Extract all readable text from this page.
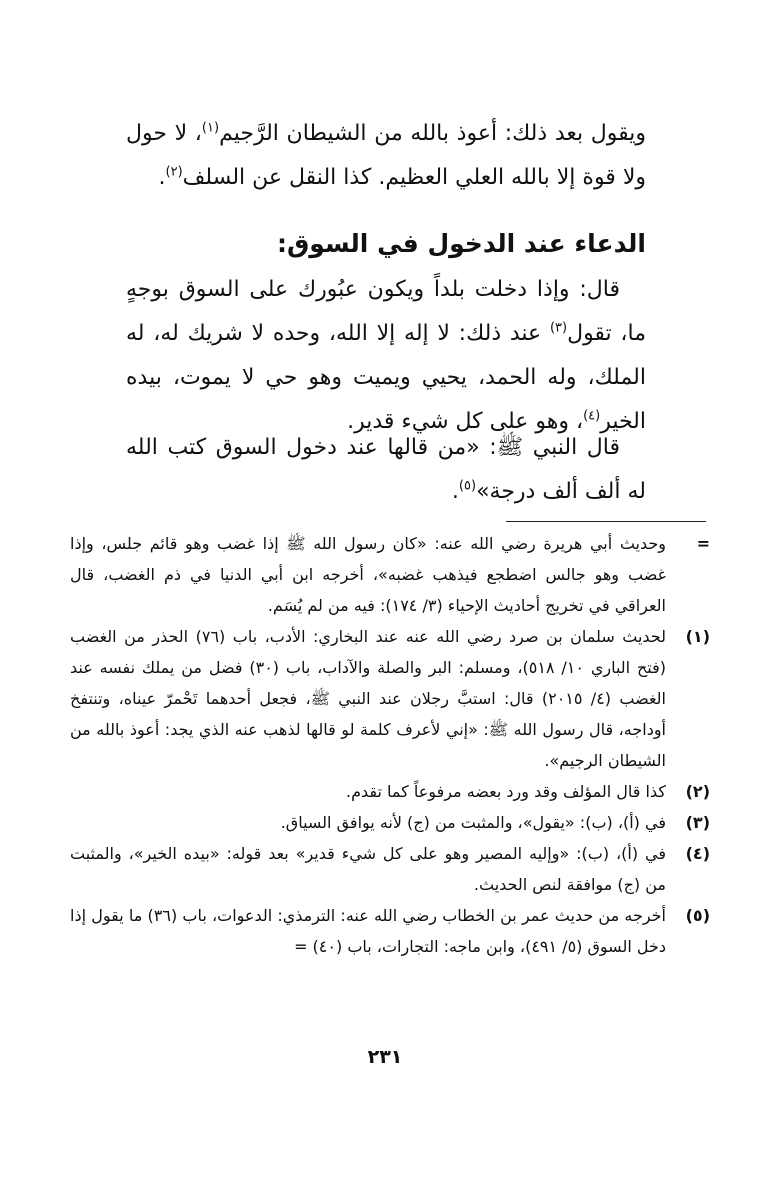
ويقول بعد ذلك: أعوذ بالله من الشيطان الرَّجيم$^{(١)}$، لا حول ولا قوة إلا بالله العلي العظيم. كذا النقل عن السلف$^{(٢)}$.
الدعاء عند الدخول في السوق:
قال: وإذا دخلت بلداً ويكون عبُورك على السوق بوجهٍ ما، تقول$^{(٣)}$ عند ذلك: لا إله إلا الله، وحده لا شريك له، له الملك، وله الحمد، يحيي ويميت وهو حي لا يموت، بيده الخير$^{(٤)}$، وهو على كل شيء قدير.
قال النبي ﷺ: «من قالها عند دخول السوق كتب الله له ألف ألف درجة»$^{(٥)}$.
=
وحديث أبي هريرة رضي الله عنه: «كان رسول الله ﷺ إذا غضب وهو قائم جلس، وإذا غضب وهو جالس اضطجع فيذهب غضبه»، أخرجه ابن أبي الدنيا في ذم الغضب، قال العراقي في تخريج أحاديث الإحياء (٣/ ١٧٤): فيه من لم يُسَم.
(١)
لحديث سلمان بن صرد رضي الله عنه عند البخاري: الأدب، باب (٧٦) الحذر من الغضب (فتح الباري ١٠/ ٥١٨)، ومسلم: البر والصلة والآداب، باب (٣٠) فضل من يملك نفسه عند الغضب (٤/ ٢٠١٥) قال: استبَّ رجلان عند النبي ﷺ، فجعل أحدهما تَحْمرّ عيناه، وتنتفخ أوداجه، قال رسول الله ﷺ: «إني لأعرف كلمة لو قالها لذهب عنه الذي يجد: أعوذ بالله من الشيطان الرجيم».
(٢)
كذا قال المؤلف وقد ورد بعضه مرفوعاً كما تقدم.
(٣)
في (أ)، (ب): «يقول»، والمثبت من (ج) لأنه يوافق السياق.
(٤)
في (أ)، (ب): «وإليه المصير وهو على كل شيء قدير» بعد قوله: «بيده الخير»، والمثبت من (ج) موافقة لنص الحديث.
(٥)
أخرجه من حديث عمر بن الخطاب رضي الله عنه: الترمذي: الدعوات، باب (٣٦) ما يقول إذا دخل السوق (٥/ ٤٩١)، وابن ماجه: التجارات، باب (٤٠) =
٢٣١
